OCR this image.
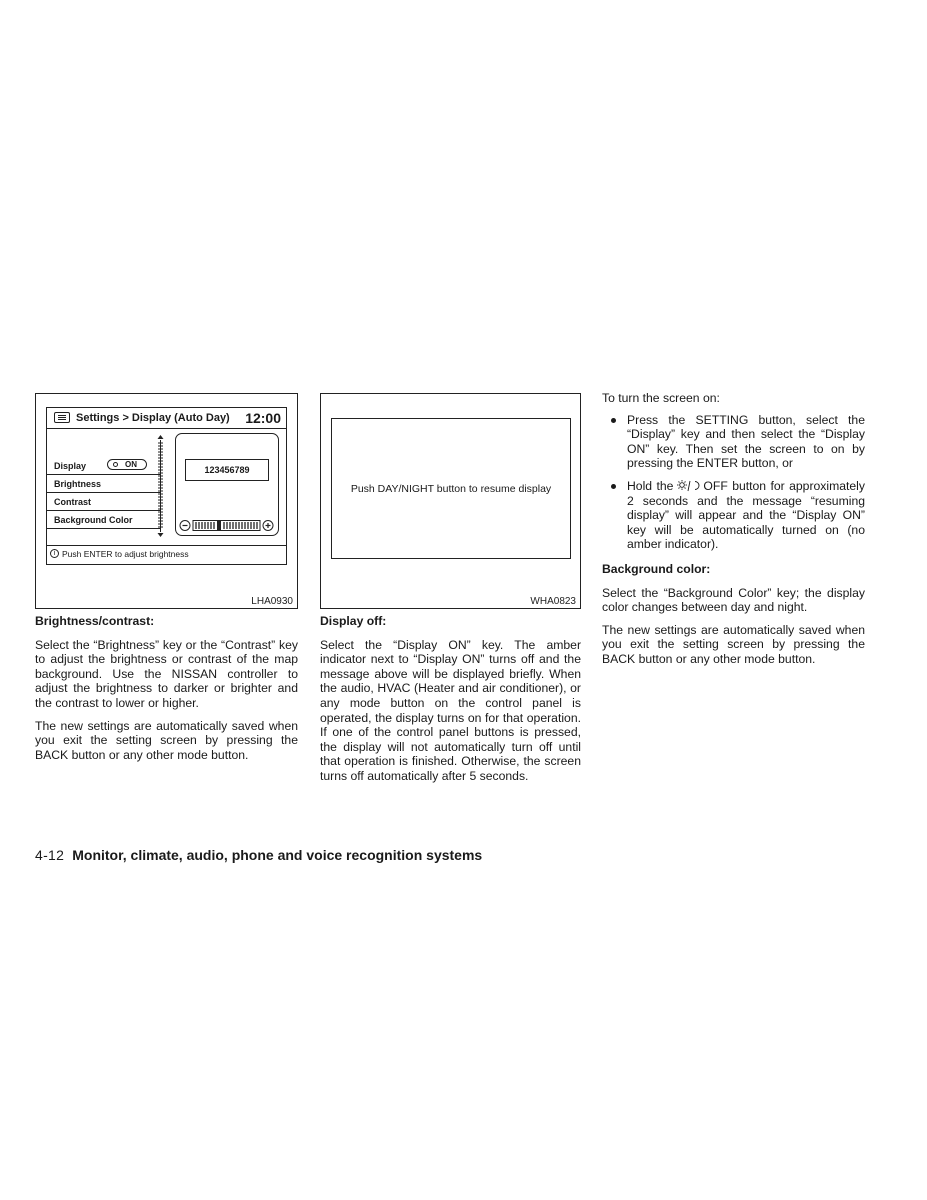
Settings > Display (Auto Day) 12:00
Display	ON
Brightness
Contrast
Background Color
123456789
i Push ENTER to adjust brightness
LHA0930
Push DAY/NIGHT button to resume display
WHA0823
Brightness/contrast:

Select the “Brightness” key or the “Contrast” key to adjust the brightness or contrast of the map background. Use the NISSAN controller to adjust the brightness to darker or brighter and the contrast to lower or higher.

The new settings are automatically saved when you exit the setting screen by pressing the BACK button or any other mode button.

Display off:

Select the “Display ON” key. The amber indicator next to “Display ON” turns off and the message above will be displayed briefly. When the audio, HVAC (Heater and air conditioner), or any mode button on the control panel is operated, the display turns on for that operation. If one of the control panel buttons is pressed, the display will not automatically turn off until that operation is finished. Otherwise, the screen turns off automatically after 5 seconds.

To turn the screen on:

Press the SETTING button, select the “Display” key and then select the “Display ON” key. Then set the screen to on by pressing the ENTER button, or
Hold the OFF button for approximately 2 seconds and the message “resuming display” will appear and the “Display ON” key will be automatically turned on (no amber indicator).
Background color:

Select the “Background Color” key; the display color changes between day and night.

The new settings are automatically saved when you exit the setting screen by pressing the BACK button or any other mode button.

4-12 Monitor, climate, audio, phone and voice recognition systems
